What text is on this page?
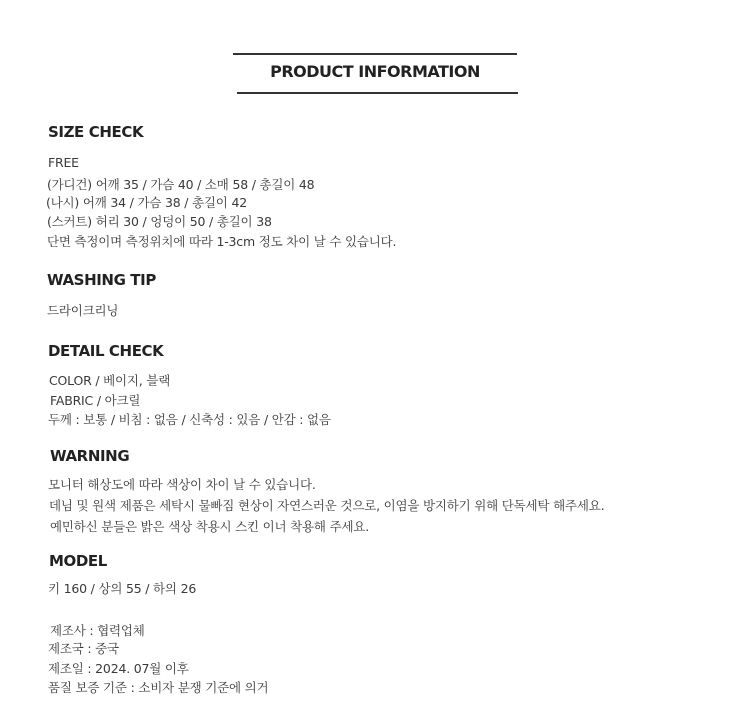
PRODUCT INFORMATION
SIZE CHECK
FREE
(가디건) 어깨 35 / 가슴 40 / 소매 58 / 총길이 48
(나시) 어깨 34 / 가슴 38 / 총길이 42
(스커트) 허리 30 / 엉덩이 50 / 총길이 38
단면 측정이며 측정위치에 따라 1-3cm 정도 차이 날 수 있습니다.
WASHING TIP
드라이크리닝
DETAIL CHECK
COLOR / 베이지, 블랙
FABRIC / 아크릴
두께 : 보통 / 비침 : 없음 / 신축성 : 있음 / 안감 : 없음
WARNING
모니터 해상도에 따라 색상이 차이 날 수 있습니다.
데님 및 원색 제품은 세탁시 물빠짐 현상이 자연스러운 것으로, 이염을 방지하기 위해 단독세탁 해주세요.
예민하신 분들은 밝은 색상 착용시 스킨 이너 착용해 주세요.
MODEL
키 160 / 상의 55 / 하의 26
제조사 : 협력업체
제조국 : 중국
제조일 : 2024. 07월 이후
품질 보증 기준 : 소비자 분쟁 기준에 의거
